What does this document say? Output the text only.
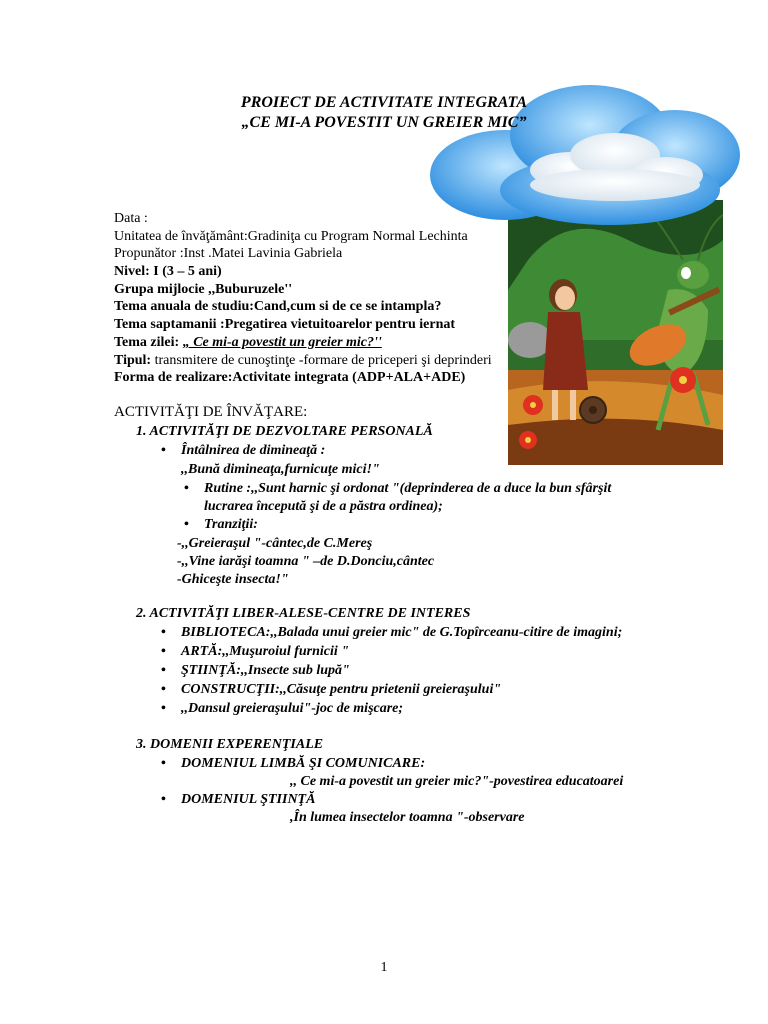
PROIECT DE ACTIVITATE INTEGRATA
„CE MI-A POVESTIT UN GREIER MIC”
Data :
Unitatea de învăţământ:Gradiniţa cu Program Normal Lechinta
Propunător :Inst .Matei Lavinia Gabriela
Nivel: I (3 – 5 ani)
Grupa mijlocie ,,Buburuzele''
Tema anuala de studiu:Cand,cum si de ce se intampla?
Tema saptamanii :Pregatirea vietuitoarelor pentru iernat
Tema zilei: „ Ce mi-a povestit un greier mic?''
Tipul: transmitere de cunoştinţe -formare de priceperi şi deprinderi
Forma de realizare:Activitate integrata (ADP+ALA+ADE)
ACTIVITĂŢI DE ÎNVĂŢARE:
1. ACTIVITĂŢI DE DEZVOLTARE PERSONALĂ
• Întâlnirea de dimineaţă :
,,Bună dimineaţa,furnicuţe mici!"
• Rutine :,,Sunt harnic şi ordonat "(deprinderea de a duce la bun sfârşit
lucrarea începută şi de a păstra ordinea);
• Tranziţii:
-,,Greieraşul "-cântec,de C.Mereş
-,,Vine iarăşi toamna " –de D.Donciu,cântec
-Ghiceşte insecta!"
2. ACTIVITĂŢI LIBER-ALESE-CENTRE DE INTERES
• BIBLIOTECA:,,Balada unui greier mic" de G.Topîrceanu-citire de imagini;
• ARTĂ:,,Muşuroiul furnicii "
• ŞTIINŢĂ:,,Insecte sub lupă"
• CONSTRUCŢII:,,Căsuţe pentru prietenii greieraşului"
• ,,Dansul greieraşului"-joc de mişcare;
3. DOMENII EXPERENŢIALE
• DOMENIUL LIMBĂ ŞI COMUNICARE:
,, Ce mi-a povestit un greier mic?"-povestirea educatoarei
• DOMENIUL ŞTIINŢĂ
,În lumea insectelor toamna "-observare
1
